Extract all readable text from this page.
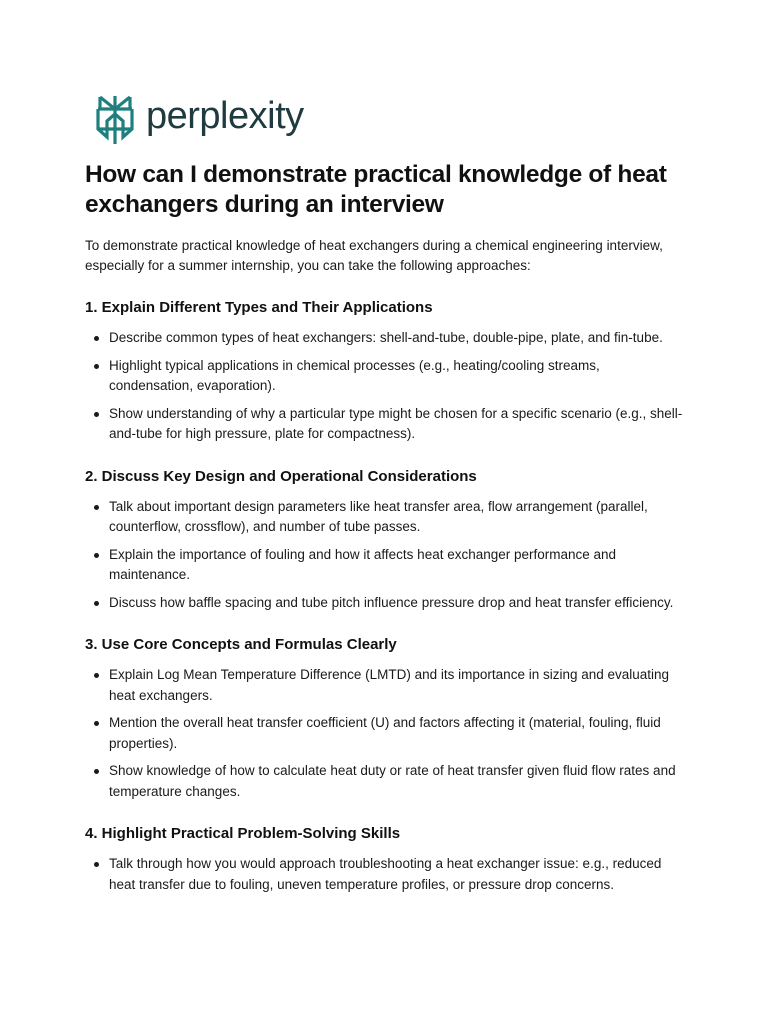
perplexity
How can I demonstrate practical knowledge of heat exchangers during an interview

To demonstrate practical knowledge of heat exchangers during a chemical engineering interview, especially for a summer internship, you can take the following approaches:

1. Explain Different Types and Their Applications
Describe common types of heat exchangers: shell-and-tube, double-pipe, plate, and fin-tube.
Highlight typical applications in chemical processes (e.g., heating/cooling streams, condensation, evaporation).
Show understanding of why a particular type might be chosen for a specific scenario (e.g., shell-and-tube for high pressure, plate for compactness).
2. Discuss Key Design and Operational Considerations
Talk about important design parameters like heat transfer area, flow arrangement (parallel, counterflow, crossflow), and number of tube passes.
Explain the importance of fouling and how it affects heat exchanger performance and maintenance.
Discuss how baffle spacing and tube pitch influence pressure drop and heat transfer efficiency.
3. Use Core Concepts and Formulas Clearly
Explain Log Mean Temperature Difference (LMTD) and its importance in sizing and evaluating heat exchangers.
Mention the overall heat transfer coefficient (U) and factors affecting it (material, fouling, fluid properties).
Show knowledge of how to calculate heat duty or rate of heat transfer given fluid flow rates and temperature changes.
4. Highlight Practical Problem-Solving Skills
Talk through how you would approach troubleshooting a heat exchanger issue: e.g., reduced heat transfer due to fouling, uneven temperature profiles, or pressure drop concerns.
